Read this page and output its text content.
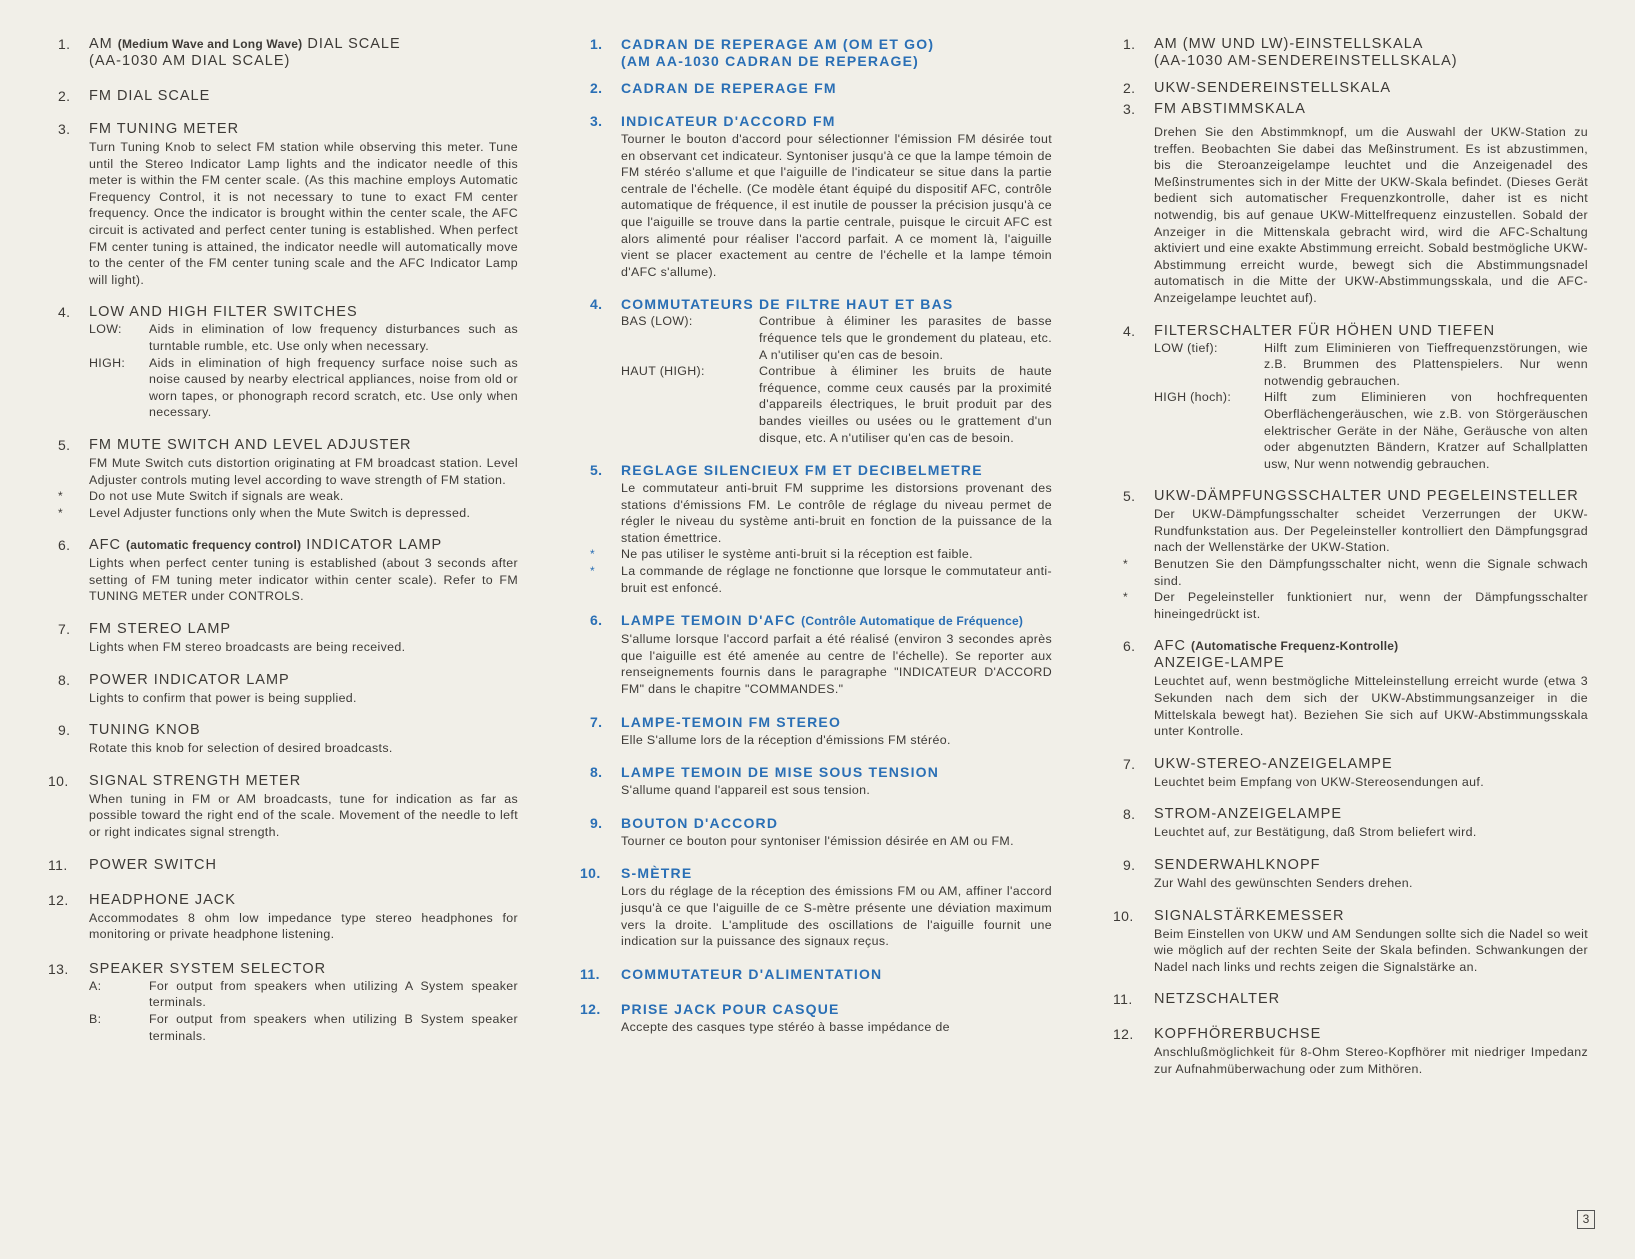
1.	AM (Medium Wave and Long Wave) DIAL SCALE
(AA-1030 AM DIAL SCALE)
2.	FM DIAL SCALE
3.	FM TUNING METER
Turn Tuning Knob to select FM station while observing this meter. Tune until the Stereo Indicator Lamp lights and the indicator needle of this meter is within the FM center scale. (As this machine employs Automatic Frequency Control, it is not necessary to tune to exact FM center frequency. Once the indicator is brought within the center scale, the AFC circuit is activated and perfect center tuning is established. When perfect FM center tuning is attained, the indicator needle will automatically move to the center of the FM center tuning scale and the AFC Indicator Lamp will light).
4.	LOW AND HIGH FILTER SWITCHES
LOW: Aids in elimination of low frequency disturbances such as turntable rumble, etc. Use only when necessary.
HIGH: Aids in elimination of high frequency surface noise such as noise caused by nearby electrical appliances, noise from old or worn tapes, or phonograph record scratch, etc. Use only when necessary.
5.	FM MUTE SWITCH AND LEVEL ADJUSTER
FM Mute Switch cuts distortion originating at FM broadcast station. Level Adjuster controls muting level according to wave strength of FM station.
*	Do not use Mute Switch if signals are weak.
*	Level Adjuster functions only when the Mute Switch is depressed.
6.	AFC (automatic frequency control) INDICATOR LAMP
Lights when perfect center tuning is established (about 3 seconds after setting of FM tuning meter indicator within center scale). Refer to FM TUNING METER under CONTROLS.
7.	FM STEREO LAMP
Lights when FM stereo broadcasts are being received.
8.	POWER INDICATOR LAMP
Lights to confirm that power is being supplied.
9.	TUNING KNOB
Rotate this knob for selection of desired broadcasts.
10.	SIGNAL STRENGTH METER
When tuning in FM or AM broadcasts, tune for indication as far as possible toward the right end of the scale. Movement of the needle to left or right indicates signal strength.
11.	POWER SWITCH
12.	HEADPHONE JACK
Accommodates 8 ohm low impedance type stereo headphones for monitoring or private headphone listening.
13.	SPEAKER SYSTEM SELECTOR
A:	For output from speakers when utilizing A System speaker terminals.
B:	For output from speakers when utilizing B System speaker terminals.
1.	CADRAN DE REPERAGE AM (OM ET GO)
(AM AA-1030 CADRAN DE REPERAGE)
2.	CADRAN DE REPERAGE FM
3.	INDICATEUR D'ACCORD FM
Tourner le bouton d'accord pour sélectionner l'émission FM désirée tout en observant cet indicateur. Syntoniser jusqu'à ce que la lampe témoin de FM stéréo s'allume et que l'aiguille de l'indicateur se situe dans la partie centrale de l'échelle. (Ce modèle étant équipé du dispositif AFC, contrôle automatique de fréquence, il est inutile de pousser la précision jusqu'à ce que l'aiguille se trouve dans la partie centrale, puisque le circuit AFC est alors alimenté pour réaliser l'accord parfait. A ce moment là, l'aiguille vient se placer exactement au centre de l'échelle et la lampe témoin d'AFC s'allume).
4.	COMMUTATEURS DE FILTRE HAUT ET BAS
BAS (LOW):	Contribue à éliminer les parasites de basse fréquence tels que le grondement du plateau, etc. A n'utiliser qu'en cas de besoin.
HAUT (HIGH):	Contribue à éliminer les bruits de haute fréquence, comme ceux causés par la proximité d'appareils électriques, le bruit produit par des bandes vieilles ou usées ou le grattement d'un disque, etc. A n'utiliser qu'en cas de besoin.
5.	REGLAGE SILENCIEUX FM ET DECIBELMETRE
Le commutateur anti-bruit FM supprime les distorsions provenant des stations d'émissions FM. Le contrôle de réglage du niveau permet de régler le niveau du système anti-bruit en fonction de la puissance de la station émettrice.
*	Ne pas utiliser le système anti-bruit si la réception est faible.
*	La commande de réglage ne fonctionne que lorsque le commutateur anti-bruit est enfoncé.
6.	LAMPE TEMOIN D'AFC (Contrôle Automatique de Fréquence)
S'allume lorsque l'accord parfait a été réalisé (environ 3 secondes après que l'aiguille est été amenée au centre de l'échelle). Se reporter aux renseignements fournis dans le paragraphe "INDICATEUR D'ACCORD FM" dans le chapitre "COMMANDES."
7.	LAMPE-TEMOIN FM STEREO
Elle S'allume lors de la réception d'émissions FM stéréo.
8.	LAMPE TEMOIN DE MISE SOUS TENSION
S'allume quand l'appareil est sous tension.
9.	BOUTON D'ACCORD
Tourner ce bouton pour syntoniser l'émission désirée en AM ou FM.
10.	S-MÈTRE
Lors du réglage de la réception des émissions FM ou AM, affiner l'accord jusqu'à ce que l'aiguille de ce S-mètre présente une déviation maximum vers la droite. L'amplitude des oscillations de l'aiguille fournit une indication sur la puissance des signaux reçus.
11.	COMMUTATEUR D'ALIMENTATION
12.	PRISE JACK POUR CASQUE
Accepte des casques type stéréo à basse impédance de
1.	AM (MW UND LW)-EINSTELLSKALA
(AA-1030 AM-SENDEREINSTELLSKALA)
2.	UKW-SENDEREINSTELLSKALA
3.	FM ABSTIMMSKALA
Drehen Sie den Abstimmknopf, um die Auswahl der UKW-Station zu treffen. Beobachten Sie dabei das Meßinstrument. Es ist abzustimmen, bis die Steroanzeigelampe leuchtet und die Anzeigenadel des Meßinstrumentes sich in der Mitte der UKW-Skala befindet. (Dieses Gerät bedient sich automatischer Frequenzkontrolle, daher ist es nicht notwendig, bis auf genaue UKW-Mittelfrequenz einzustellen. Sobald der Anzeiger in die Mittenskala gebracht wird, wird die AFC-Schaltung aktiviert und eine exakte Abstimmung erreicht. Sobald bestmögliche UKW-Abstimmung erreicht wurde, bewegt sich die Abstimmungsnadel automatisch in die Mitte der UKW-Abstimmungsskala, und die AFC-Anzeigelampe leuchtet auf).
4.	FILTERSCHALTER FÜR HÖHEN UND TIEFEN
LOW (tief):	Hilft zum Eliminieren von Tieffrequenzstörungen, wie z.B. Brummen des Plattenspielers. Nur wenn notwendig gebrauchen.
HIGH (hoch):	Hilft zum Eliminieren von hochfrequenten Oberflächengeräuschen, wie z.B. von Störgeräuschen elektrischer Geräte in der Nähe, Geräusche von alten oder abgenutzten Bändern, Kratzer auf Schallplatten usw, Nur wenn notwendig gebrauchen.
5.	UKW-DÄMPFUNGSSCHALTER UND PEGELEINSTELLER
Der UKW-Dämpfungsschalter scheidet Verzerrungen der UKW-Rundfunkstation aus. Der Pegeleinsteller kontrolliert den Dämpfungsgrad nach der Wellenstärke der UKW-Station.
*	Benutzen Sie den Dämpfungsschalter nicht, wenn die Signale schwach sind.
*	Der Pegeleinsteller funktioniert nur, wenn der Dämpfungsschalter hineingedrückt ist.
6.	AFC (Automatische Frequenz-Kontrolle)
ANZEIGE-LAMPE
Leuchtet auf, wenn bestmögliche Mitteleinstellung erreicht wurde (etwa 3 Sekunden nach dem sich der UKW-Abstimmungsanzeiger in die Mittelskala bewegt hat). Beziehen Sie sich auf UKW-Abstimmungsskala unter Kontrolle.
7.	UKW-STEREO-ANZEIGELAMPE
Leuchtet beim Empfang von UKW-Stereosendungen auf.
8.	STROM-ANZEIGELAMPE
Leuchtet auf, zur Bestätigung, daß Strom beliefert wird.
9.	SENDERWAHLKNOPF
Zur Wahl des gewünschten Senders drehen.
10.	SIGNALSTÄRKEMESSER
Beim Einstellen von UKW und AM Sendungen sollte sich die Nadel so weit wie möglich auf der rechten Seite der Skala befinden. Schwankungen der Nadel nach links und rechts zeigen die Signalstärke an.
11.	NETZSCHALTER
12.	KOPFHÖRERBUCHSE
Anschlußmöglichkeit für 8-Ohm Stereo-Kopfhörer mit niedriger Impedanz zur Aufnahmüberwachung oder zum Mithören.
3
